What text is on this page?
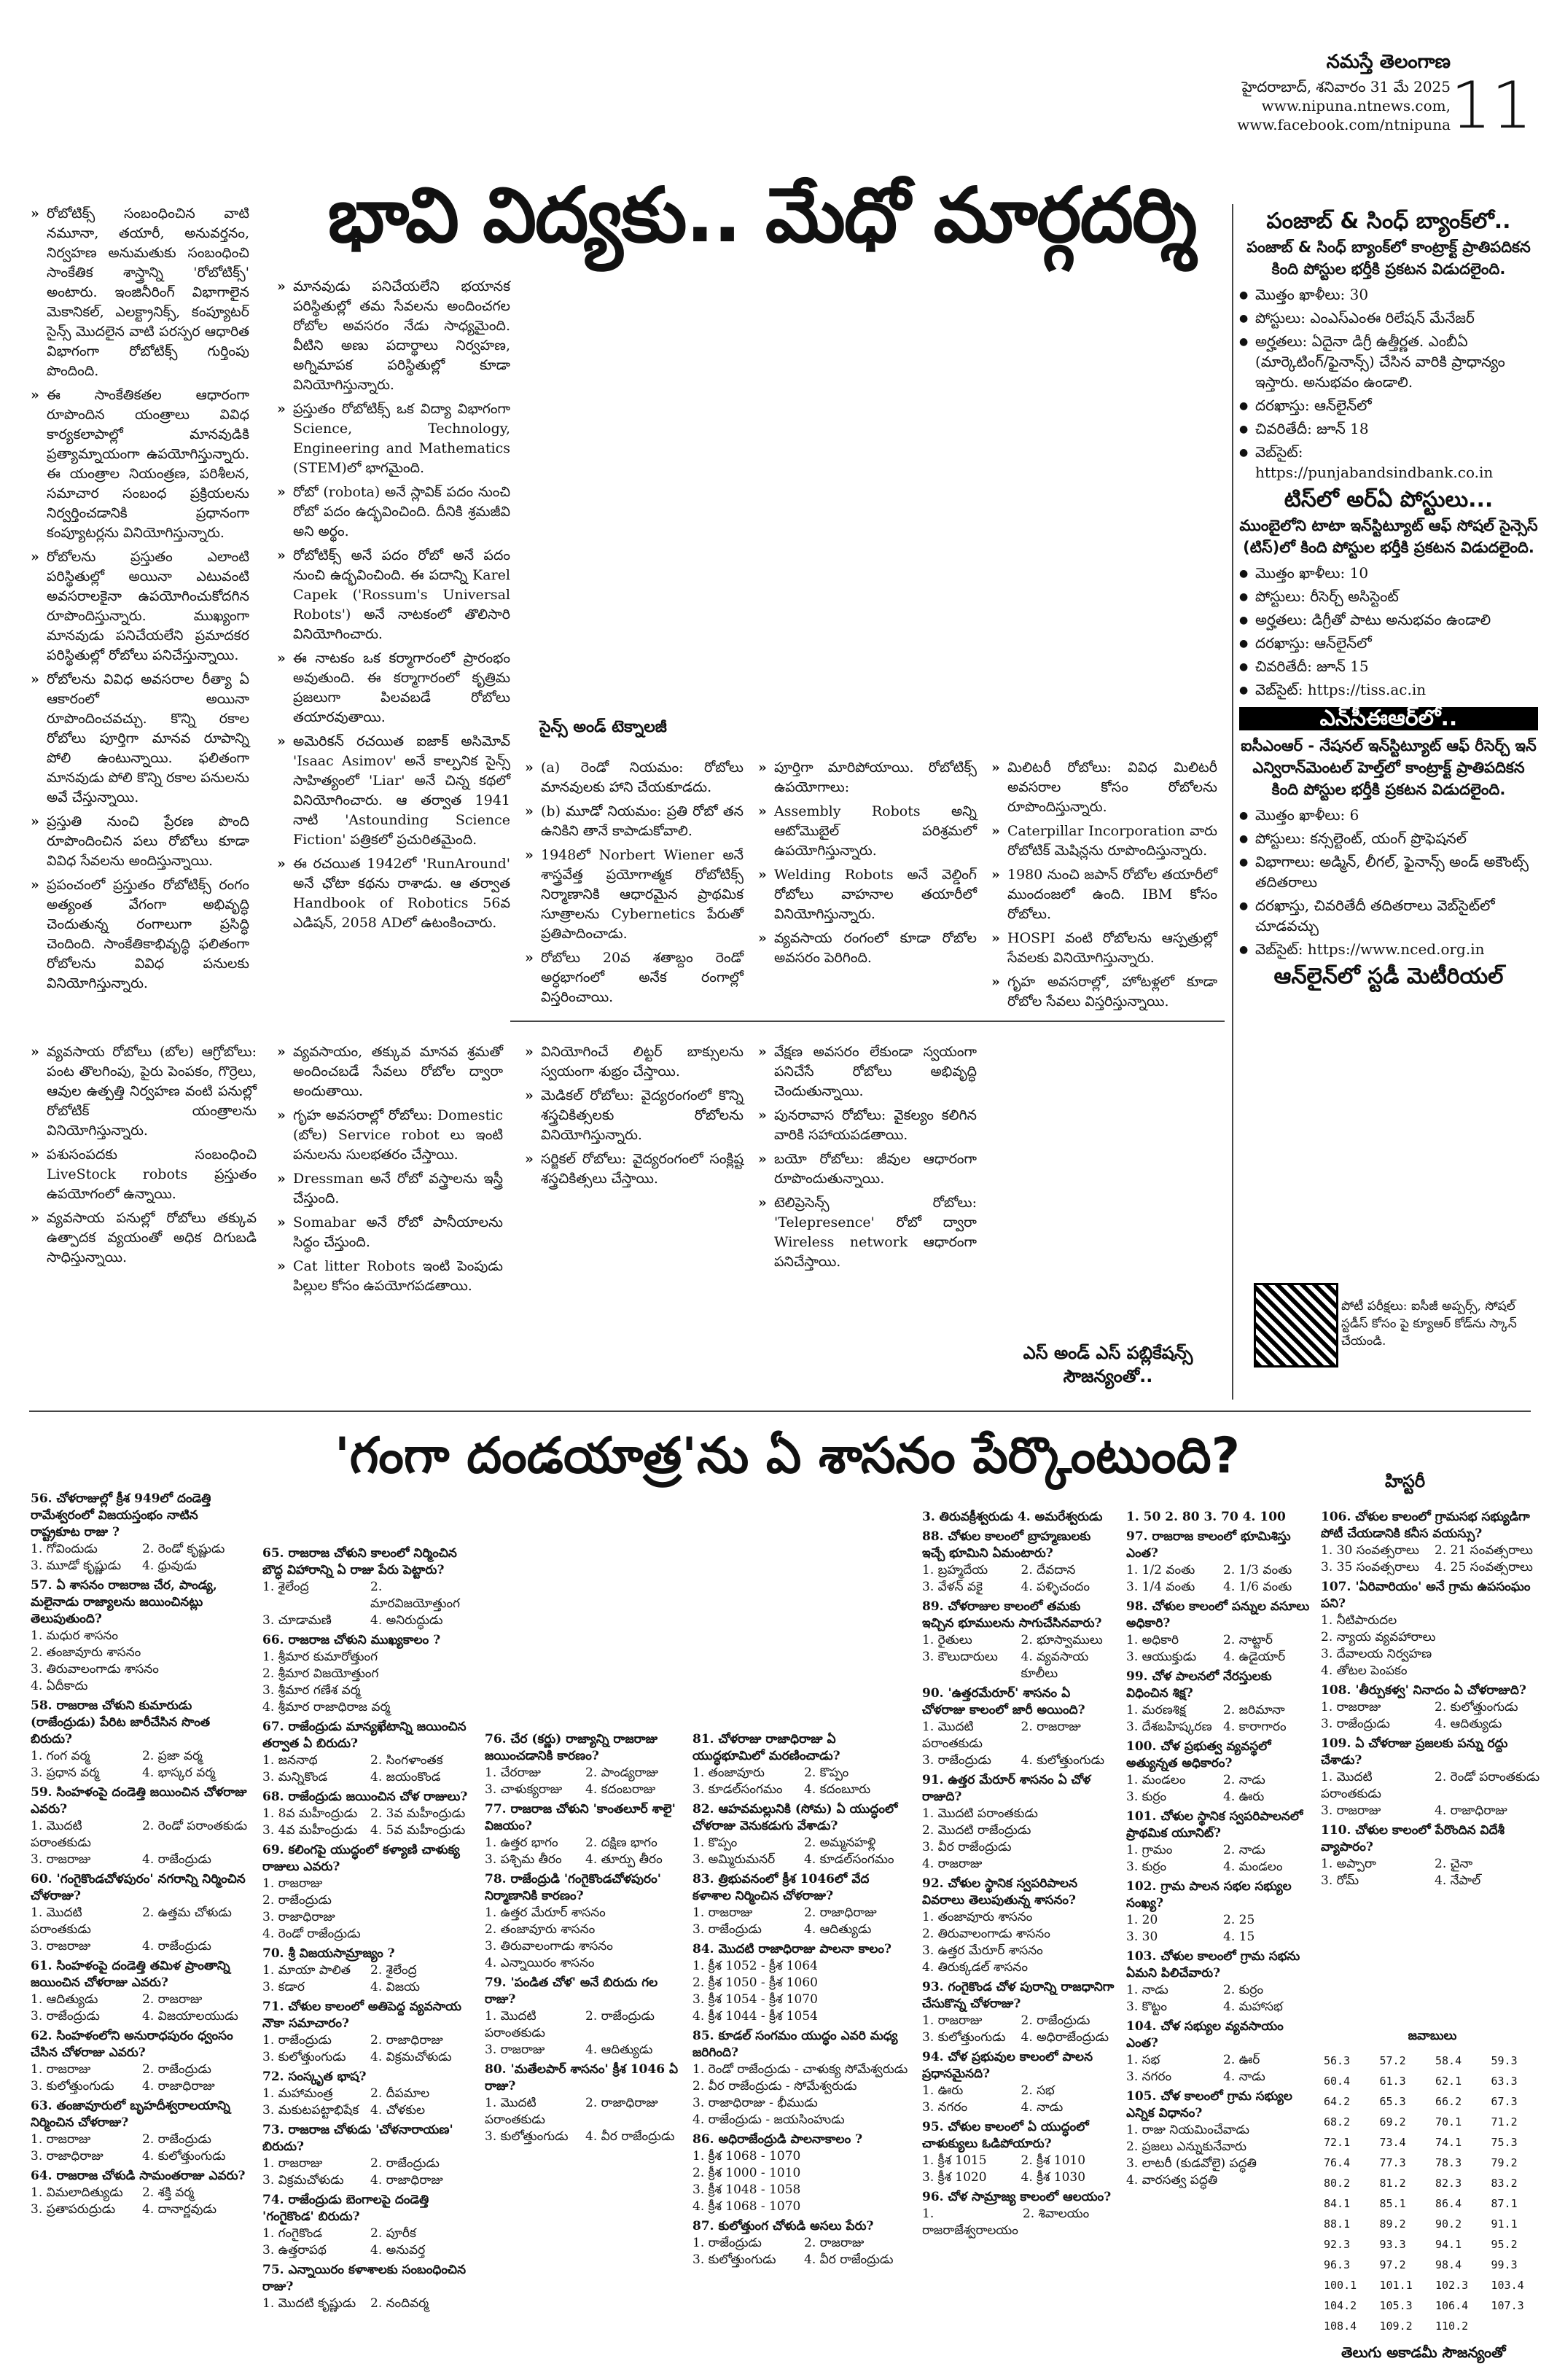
నమస్తే తెలంగాణ
హైదరాబాద్, శనివారం 31 మే 2025
www.nipuna.ntnews.com,
www.facebook.com/ntnipuna 11
భావి విద్యకు.. మేధో మార్గదర్శి

» రోబోటిక్స్ సంబంధించిన వాటి నమూనా, తయారీ, అనువర్తనం, నిర్వహణ అనుమతుకు సంబంధించి సాంకేతిక శాస్త్రాన్ని 'రోబోటిక్స్' అంటారు. ఇంజినీరింగ్ విభాగాలైన మెకానికల్, ఎలక్ట్రానిక్స్, కంప్యూటర్ సైన్స్ మొదలైన వాటి పరస్పర ఆధారిత విభాగంగా రోబోటిక్స్ గుర్తింపు పొందింది.

» ఈ సాంకేతికతల ఆధారంగా రూపొందిన యంత్రాలు వివిధ కార్యకలాపాల్లో మానవుడికి ప్రత్యామ్నాయంగా ఉపయోగిస్తున్నారు. ఈ యంత్రాల నియంత్రణ, పరిశీలన, సమాచార సంబంధ ప్రక్రియలను నిర్వర్తించడానికి ప్రధానంగా కంప్యూటర్లను వినియోగిస్తున్నారు.

» రోబోలను ప్రస్తుతం ఎలాంటి పరిస్థితుల్లో అయినా ఎటువంటి అవసరాలకైనా ఉపయోగించుకోదగిన రూపొందిస్తున్నారు. ముఖ్యంగా మానవుడు పనిచేయలేని ప్రమాదకర పరిస్థితుల్లో రోబోలు పనిచేస్తున్నాయి.

» రోబోలను వివిధ అవసరాల రీత్యా ఏ ఆకారంలో అయినా రూపొందించవచ్చు. కొన్ని రకాల రోబోలు పూర్తిగా మానవ రూపాన్ని పోలి ఉంటున్నాయి. ఫలితంగా మానవుడు పోలి కొన్ని రకాల పనులను అవే చేస్తున్నాయి.

» ప్రస్తుతి నుంచి ప్రేరణ పొంది రూపొందించిన పలు రోబోలు కూడా వివిధ సేవలను అందిస్తున్నాయి.

» ప్రపంచంలో ప్రస్తుతం రోబోటిక్స్ రంగం అత్యంత వేగంగా అభివృద్ధి చెందుతున్న రంగాలుగా ప్రసిద్ధి చెందింది. సాంకేతికాభివృద్ధి ఫలితంగా రోబోలను వివిధ పనులకు వినియోగిస్తున్నారు.

» మానవుడు పనిచేయలేని భయానక పరిస్థితుల్లో తమ సేవలను అందించగల రోబోల అవసరం నేడు సాధ్యమైంది. వీటిని అణు పదార్థాలు నిర్వహణ, అగ్నిమాపక పరిస్థితుల్లో కూడా వినియోగిస్తున్నారు.

» ప్రస్తుతం రోబోటిక్స్ ఒక విద్యా విభాగంగా Science, Technology, Engineering and Mathematics (STEM)లో భాగమైంది.

» రోబో (robota) అనే స్లావిక్ పదం నుంచి రోబో పదం ఉద్భవించింది. దీనికి శ్రమజీవి అని అర్థం.

» రోబోటిక్స్ అనే పదం రోబో అనే పదం నుంచి ఉద్భవించింది. ఈ పదాన్ని Karel Capek ('Rossum's Universal Robots') అనే నాటకంలో తొలిసారి వినియోగించారు.

» ఈ నాటకం ఒక కర్మాగారంలో ప్రారంభం అవుతుంది. ఈ కర్మాగారంలో కృత్రిమ ప్రజలుగా పిలవబడే రోబోలు తయారవుతాయి.

» అమెరికన్ రచయిత ఐజాక్ అసిమోవ్ 'Isaac Asimov' అనే కాల్పనిక సైన్స్ సాహిత్యంలో 'Liar' అనే చిన్న కథలో వినియోగించారు. ఆ తర్వాత 1941 నాటి 'Astounding Science Fiction' పత్రికలో ప్రచురితమైంది.

» ఈ రచయిత 1942లో 'RunAround' అనే ఛోటా కథను రాశాడు. ఆ తర్వాత Handbook of Robotics 56వ ఎడిషన్, 2058 ADలో ఉటంకించారు.

సైన్స్ అండ్ టెక్నాలజీ

» (a) రెండో నియమం: రోబోలు మానవులకు హాని చేయకూడదు.

» (b) మూడో నియమం: ప్రతి రోబో తన ఉనికిని తానే కాపాడుకోవాలి.

» 1948లో Norbert Wiener అనే శాస్త్రవేత్త ప్రయోగాత్మక రోబోటిక్స్ నిర్మాణానికి ఆధారమైన ప్రాథమిక సూత్రాలను Cybernetics పేరుతో ప్రతిపాదించాడు.

» రోబోలు 20వ శతాబ్దం రెండో అర్ధభాగంలో అనేక రంగాల్లో విస్తరించాయి.

» పూర్తిగా మారిపోయాయి. రోబోటిక్స్ ఉపయోగాలు:

» Assembly Robots అన్ని ఆటోమొబైల్ పరిశ్రమలో ఉపయోగిస్తున్నారు.

» Welding Robots అనే వెల్డింగ్ రోబోలు వాహనాల తయారీలో వినియోగిస్తున్నారు.

» వ్యవసాయ రంగంలో కూడా రోబోల అవసరం పెరిగింది.

» మిలిటరీ రోబోలు: వివిధ మిలిటరీ అవసరాల కోసం రోబోలను రూపొందిస్తున్నారు.

» Caterpillar Incorporation వారు రోబోటిక్ మెషిన్లను రూపొందిస్తున్నారు.

» 1980 నుంచి జపాన్ రోబోల తయారీలో ముందంజలో ఉంది. IBM కోసం రోబోలు.

» HOSPI వంటి రోబోలను ఆస్పత్రుల్లో సేవలకు వినియోగిస్తున్నారు.

» గృహ అవసరాల్లో, హోటళ్లలో కూడా రోబోల సేవలు విస్తరిస్తున్నాయి.

» వ్యవసాయ రోబోలు (బోల) ఆగ్రోబోలు: పంట తొలగింపు, పైరు పెంపకం, గొర్రెలు, ఆవుల ఉత్పత్తి నిర్వహణ వంటి పనుల్లో రోబోటిక్ యంత్రాలను వినియోగిస్తున్నారు.

» పశుసంపదకు సంబంధించి LiveStock robots ప్రస్తుతం ఉపయోగంలో ఉన్నాయి.

» వ్యవసాయ పనుల్లో రోబోలు తక్కువ ఉత్పాదక వ్యయంతో అధిక దిగుబడి సాధిస్తున్నాయి.

» వ్యవసాయం, తక్కువ మానవ శ్రమతో అందించబడే సేవలు రోబోల ద్వారా అందుతాయి.

» గృహ అవసరాల్లో రోబోలు: Domestic (బోల) Service robot లు ఇంటి పనులను సులభతరం చేస్తాయి.

» Dressman అనే రోబో వస్త్రాలను ఇస్త్రీ చేస్తుంది.

» Somabar అనే రోబో పానీయాలను సిద్ధం చేస్తుంది.

» Cat litter Robots ఇంటి పెంపుడు పిల్లుల కోసం ఉపయోగపడతాయి.

» వినియోగించే లిట్టర్ బాక్సులను స్వయంగా శుభ్రం చేస్తాయి.

» మెడికల్ రోబోలు: వైద్యరంగంలో కొన్ని శస్త్రచికిత్సలకు రోబోలను వినియోగిస్తున్నారు.

» సర్జికల్ రోబోలు: వైద్యరంగంలో సంక్లిష్ట శస్త్రచికిత్సలు చేస్తాయి.

» వేక్షణ అవసరం లేకుండా స్వయంగా పనిచేసే రోబోలు అభివృద్ధి చెందుతున్నాయి.

» పునరావాస రోబోలు: వైకల్యం కలిగిన వారికి సహాయపడతాయి.

» బయో రోబోలు: జీవుల ఆధారంగా రూపొందుతున్నాయి.

» టెలిప్రెసెన్స్ రోబోలు: 'Telepresence' రోబో ద్వారా Wireless network ఆధారంగా పనిచేస్తాయి.

ఎస్ అండ్ ఎస్ పబ్లికేషన్స్ సౌజన్యంతో..
పంజాబ్ & సింధ్ బ్యాంక్‌లో..
పంజాబ్ & సింధ్ బ్యాంక్‌లో కాంట్రాక్ట్ ప్రాతిపదికన కింది పోస్టుల భర్తీకి ప్రకటన విడుదలైంది.
● మొత్తం ఖాళీలు: 30
● పోస్టులు: ఎంఎస్ఎంఈ రిలేషన్ మేనేజర్
● అర్హతలు: ఏదైనా డిగ్రీ ఉత్తీర్ణత. ఎంబీఏ (మార్కెటింగ్/ఫైనాన్స్) చేసిన వారికి ప్రాధాన్యం ఇస్తారు. అనుభవం ఉండాలి.
● దరఖాస్తు: ఆన్‌లైన్‌లో
● చివరితేదీ: జూన్ 18
● వెబ్‌సైట్: https://punjabandsindbank.co.in
టిస్‌లో అర్‌ఏ పోస్టులు...
ముంబైలోని టాటా ఇన్‌స్టిట్యూట్ ఆఫ్ సోషల్ సైన్సెస్ (టిస్)లో కింది పోస్టుల భర్తీకి ప్రకటన విడుదలైంది.
● మొత్తం ఖాళీలు: 10
● పోస్టులు: రీసెర్చ్ అసిస్టెంట్
● అర్హతలు: డిగ్రీతో పాటు అనుభవం ఉండాలి
● దరఖాస్తు: ఆన్‌లైన్‌లో
● చివరితేదీ: జూన్ 15
● వెబ్‌సైట్: https://tiss.ac.in
ఎన్‌సీఈఆర్‌లో..
ఐసీఎంఆర్ - నేషనల్ ఇన్‌స్టిట్యూట్ ఆఫ్ రీసెర్చ్ ఇన్ ఎన్విరాన్‌మెంటల్ హెల్త్‌లో కాంట్రాక్ట్ ప్రాతిపదికన కింది పోస్టుల భర్తీకి ప్రకటన విడుదలైంది.
● మొత్తం ఖాళీలు: 6
● పోస్టులు: కన్సల్టెంట్, యంగ్ ప్రొఫెషనల్
● విభాగాలు: అడ్మిన్, లీగల్, ఫైనాన్స్ అండ్ అకౌంట్స్ తదితరాలు
● దరఖాస్తు, చివరితేదీ తదితరాలు వెబ్‌సైట్‌లో చూడవచ్చు
● వెబ్‌సైట్: https://www.nced.org.in
ఆన్‌లైన్‌లో స్టడీ మెటీరియల్
పోటీ పరీక్షలు: ఐసీజీ అప్పర్స్, సోషల్ స్టడీస్ కోసం పై క్యూఆర్ కోడ్‌ను స్కాన్ చేయండి.
'గంగా దండయాత్ర'ను ఏ శాసనం పేర్కొంటుంది?	హిస్టరీ
56. చోళరాజుల్లో క్రీశ 949లో దండెత్తి రామేశ్వరంలో విజయస్తంభం నాటిన రాష్ట్రకూట రాజు ?
1. గోవిందుడు	2. రెండో కృష్ణుడు
3. మూడో కృష్ణుడు	4. ధ్రువుడు
57. ఏ శాసనం రాజరాజ చేర, పాండ్య, మలైనాడు రాజ్యాలను జయించినట్లు తెలుపుతుంది?
1. మధుర శాసనం
2. తంజావూరు శాసనం
3. తిరువాలంగాడు శాసనం
4. ఏదీకాదు
58. రాజరాజ చోళుని కుమారుడు (రాజేంద్రుడు) పేరిట జారీచేసిన సొంత బిరుదు?
1. గంగ వర్మ	2. ప్రజా వర్మ
3. ప్రధాన వర్మ	4. భాస్కర వర్మ
59. సింహళంపై దండెత్తి జయించిన చోళరాజు ఎవరు?
1. మొదటి పరాంతకుడు
2. రెండో పరాంతకుడు
3. రాజరాజు	4. రాజేంద్రుడు
60. 'గంగైకొండచోళపురం' నగరాన్ని నిర్మించిన చోళరాజు?
1. మొదటి పరాంతకుడు
2. ఉత్తమ చోళుడు
3. రాజరాజు	4. రాజేంద్రుడు
61. సింహళంపై దండెత్తి తమిళ ప్రాంతాన్ని జయించిన చోళరాజు ఎవరు?
1. ఆదిత్యుడు	2. రాజరాజు
3. రాజేంద్రుడు	4. విజయాలయుడు
62. సింహళంలోని అనురాధపురం ధ్వంసం చేసిన చోళరాజు ఎవరు?
1. రాజరాజు	2. రాజేంద్రుడు
3. కులోత్తుంగుడు	4. రాజాధిరాజు
63. తంజావూరులో బృహదీశ్వరాలయాన్ని నిర్మించిన చోళరాజు?
1. రాజరాజు	2. రాజేంద్రుడు
3. రాజాధిరాజు	4. కులోత్తుంగుడు
64. రాజరాజ చోళుడి సామంతరాజు ఎవరు?
1. విమలాదిత్యుడు	2. శక్తి వర్మ
3. ప్రతాపరుద్రుడు	4. దానార్ణవుడు
65. రాజరాజ చోళుని కాలంలో నిర్మించిన బౌద్ధ విహారాన్ని ఏ రాజు పేరు పెట్టారు?
1. శైలేంద్ర	2. మారవిజయోత్తుంగ
3. చూడామణి	4. అనిరుద్ధుడు
66. రాజరాజ చోళుని ముఖ్యకాలం ?
1. శ్రీమార కుమారోత్తుంగ
2. శ్రీమార విజయోత్తుంగ
3. శ్రీమార గణేశ వర్మ
4. శ్రీమార రాజాధిరాజ వర్మ
67. రాజేంద్రుడు మాన్యఖేటాన్ని జయించిన తర్వాత ఏ బిరుదు?
1. జననాథ	2. సింగళాంతక
3. మన్నికొండ	4. జయంకొండ
68. రాజేంద్రుడు జయించిన చోళ రాజులు?
1. 8వ మహీంద్రుడు	2. 3వ మహీంద్రుడు
3. 4వ మహీంద్రుడు	4. 5వ మహీంద్రుడు
69. కలింగపై యుద్ధంలో కళ్యాణి చాళుక్య రాజులు ఎవరు?
1. రాజరాజు
2. రాజేంద్రుడు
3. రాజాధిరాజు
4. రెండో రాజేంద్రుడు
70. శ్రీ విజయసామ్రాజ్యం ?
1. మాయా పాలిత	2. శైలేంద్ర
3. కడార	4. విజయ
71. చోళుల కాలంలో అతిపెద్ద వ్యవసాయ నౌకా సమాచారం?
1. రాజేంద్రుడు	2. రాజాధిరాజు
3. కులోత్తుంగుడు	4. విక్రమచోళుడు
72. సంస్కృత భాష?
1. మహామంత్ర	2. దీపమాల
3. మకుటపట్టాభిషేక 4. చోళకుల
73. రాజరాజ చోళుడు 'చోళనారాయణ' బిరుదు?
1. రాజరాజు	2. రాజేంద్రుడు
3. విక్రమచోళుడు	4. రాజాధిరాజు
74. రాజేంద్రుడు బెంగాలపై దండెత్తి 'గంగైకొండ' బిరుదు?
1. గంగైకొండ	2. పూరీక
3. ఉత్తరాపథ	4. అనువర్త
75. ఎన్నాయిరం కళాశాలకు సంబంధించిన రాజు?
1. మొదటి కృష్ణుడు	2. నందివర్మ
76. చేర (కర్ణు) రాజ్యాన్ని రాజరాజు జయించడానికి కారణం?
1. చేరరాజు	2. పాండ్యరాజు
3. చాళుక్యరాజు	4. కదంబరాజు
77. రాజరాజ చోళుని 'కాంతలూర్ శాలై' విజయం?
1. ఉత్తర భాగం	2. దక్షిణ భాగం
3. పశ్చిమ తీరం	4. తూర్పు తీరం
78. రాజేంద్రుడి 'గంగైకొండచోళపురం' నిర్మాణానికి కారణం?
1. ఉత్తర మేరూర్ శాసనం
2. తంజావూరు శాసనం
3. తిరువాలంగాడు శాసనం
4. ఎన్నాయిరం శాసనం
79. 'పండిత చోళ' అనే బిరుదు గల రాజు?
1. మొదటి పరాంతకుడు
2. రాజేంద్రుడు
3. రాజరాజు	4. ఆదిత్యుడు
80. 'మతేలపార్ శాసనం' క్రీశ 1046 ఏ రాజు?
1. మొదటి పరాంతకుడు
2. రాజాధిరాజు
3. కులోత్తుంగుడు	4. వీర రాజేంద్రుడు
81. చోళరాజు రాజాధిరాజు ఏ యుద్ధభూమిలో మరణించాడు?
1. తంజావూరు	2. కొప్పం
3. కూడల్‌సంగమం	4. కదంబూరు
82. ఆహవమల్లునికి (సోమ) ఏ యుద్ధంలో చోళరాజు వెనుకడుగు వేశాడు?
1. కొప్పం	2. అమ్మనహళ్లి
3. అమ్మిరుమనర్	4. కూడల్‌సంగమం
83. త్రిభువనంలో క్రీశ 1046లో వేద కళాశాల నిర్మించిన చోళరాజు?
1. రాజరాజు	2. రాజాధిరాజు
3. రాజేంద్రుడు	4. ఆదిత్యుడు
84. మొదటి రాజాధిరాజు పాలనా కాలం?
1. క్రీశ 1052 - క్రీశ 1064
2. క్రీశ 1050 - క్రీశ 1060
3. క్రీశ 1054 - క్రీశ 1070
4. క్రీశ 1044 - క్రీశ 1054
85. కూడల్ సంగమం యుద్ధం ఎవరి మధ్య జరిగింది?
1. రెండో రాజేంద్రుడు - చాళుక్య సోమేశ్వరుడు
2. వీర రాజేంద్రుడు - సోమేశ్వరుడు
3. రాజాధిరాజు - భీముడు
4. రాజేంద్రుడు - జయసింహుడు
86. అధిరాజేంద్రుడి పాలనాకాలం ?
1. క్రీశ 1068 - 1070
2. క్రీశ 1000 - 1010
3. క్రీశ 1048 - 1058
4. క్రీశ 1068 - 1070
87. కులోత్తుంగ చోళుడి అసలు పేరు?
1. రాజేంద్రుడు	2. రాజరాజు
3. కులోత్తుంగుడు	4. వీర రాజేంద్రుడు
3. తిరువక్రీశ్వరుడు 4. అమరేశ్వరుడు
88. చోళుల కాలంలో బ్రాహ్మణులకు ఇచ్చే భూమిని ఏమంటారు?
1. బ్రహ్మదేయ	2. దేవదాన
3. వేళన్ వకై	4. పళ్ళిచందం
89. చోళరాజుల కాలంలో తమకు ఇచ్చిన భూములను సాగుచేసినవారు?
1. రైతులు	2. భూస్వాములు
3. కౌలుదారులు	4. వ్యవసాయ కూలీలు
90. 'ఉత్తరమేరూర్' శాసనం ఏ చోళరాజు కాలంలో జారీ అయింది?
1. మొదటి పరాంతకుడు
2. రాజరాజు
3. రాజేంద్రుడు	4. కులోత్తుంగుడు
91. ఉత్తర మేరూర్ శాసనం ఏ చోళ రాజుది?
1. మొదటి పరాంతకుడు
2. మొదటి రాజేంద్రుడు
3. వీర రాజేంద్రుడు
4. రాజరాజు
92. చోళుల స్థానిక స్వపరిపాలన వివరాలు తెలుపుతున్న శాసనం?
1. తంజావూరు శాసనం
2. తిరువాలంగాడు శాసనం
3. ఉత్తర మేరూర్ శాసనం
4. తిరుక్కడల్ శాసనం
93. గంగైకొండ చోళ పురాన్ని రాజధానిగా చేసుకొన్న చోళరాజు?
1. రాజరాజు	2. రాజేంద్రుడు
3. కులోత్తుంగుడు	4. అధిరాజేంద్రుడు
94. చోళ ప్రభువుల కాలంలో పాలన ప్రధానమైనది?
1. ఊరు	2. సభ
3. నగరం	4. నాడు
95. చోళుల కాలంలో ఏ యుద్ధంలో చాళుక్యులు ఓడిపోయారు?
1. క్రీశ 1015	2. క్రీశ 1010
3. క్రీశ 1020	4. క్రీశ 1030
96. చోళ సామ్రాజ్య కాలంలో ఆలయం?
1. రాజరాజేశ్వరాలయం
2. శివాలయం
1. 50 2. 80 3. 70 4. 100
97. రాజరాజ కాలంలో భూమిశిస్తు ఎంత?
1. 1/2 వంతు	2. 1/3 వంతు
3. 1/4 వంతు	4. 1/6 వంతు
98. చోళుల కాలంలో పన్నుల వసూలు అధికారి?
1. అధికారి	2. నాట్టార్
3. ఆయుక్తుడు	4. ఉడైయార్
99. చోళ పాలనలో నేరస్తులకు విధించిన శిక్ష?
1. మరణశిక్ష	2. జరిమానా
3. దేశబహిష్కరణ 4. కారాగారం
100. చోళ ప్రభుత్వ వ్యవస్థలో అత్యున్నత అధికారం?
1. మండలం	2. నాడు
3. కుర్రం	4. ఊరు
101. చోళుల స్థానిక స్వపరిపాలనలో ప్రాథమిక యూనిట్?
1. గ్రామం	2. నాడు
3. కుర్రం	4. మండలం
102. గ్రామ పాలన సభల సభ్యుల సంఖ్య?
1. 20	2. 25
3. 30	4. 15
103. చోళుల కాలంలో గ్రామ సభను ఏమని పిలిచేవారు?
1. నాడు	2. కుర్రం
3. కొట్టం	4. మహాసభ
104. చోళ సభ్యుల వ్యవసాయం ఎంత?
1. సభ	2. ఊర్
3. నగరం	4. నాడు
105. చోళ కాలంలో గ్రామ సభ్యుల ఎన్నిక విధానం?
1. రాజు నియమించేవాడు
2. ప్రజలు ఎన్నుకునేవారు
3. లాటరీ (కుడవోలై) పద్ధతి
4. వారసత్వ పద్ధతి
106. చోళుల కాలంలో గ్రామసభ సభ్యుడిగా పోటీ చేయడానికి కనీస వయస్సు?
1. 30 సంవత్సరాలు	2. 21 సంవత్సరాలు
3. 35 సంవత్సరాలు	4. 25 సంవత్సరాలు
107. 'ఏరివారియం' అనే గ్రామ ఉపసంఘం పని?
1. నీటిపారుదల
2. న్యాయ వ్యవహారాలు
3. దేవాలయ నిర్వహణ
4. తోటల పెంపకం
108. 'తీర్పుకళ్వ' నినాదం ఏ చోళరాజుది?
1. రాజరాజు	2. కులోత్తుంగుడు
3. రాజేంద్రుడు	4. ఆదిత్యుడు
109. ఏ చోళరాజు ప్రజలకు పన్ను రద్దు చేశాడు?
1. మొదటి పరాంతకుడు
2. రెండో పరాంతకుడు
3. రాజరాజు	4. రాజాధిరాజు
110. చోళుల కాలంలో పేరొందిన విదేశీ వ్యాపారం?
1. అప్పారా	2. చైనా
3. రోమ్	4. నేపాల్
జవాబులు
56.3	57.2	58.4	59.3
60.4	61.3	62.1	63.3
64.2	65.3	66.2	67.3
68.2	69.2	70.1	71.2
72.1	73.4	74.1	75.3
76.4	77.3	78.3	79.2
80.2	81.2	82.3	83.2
84.1	85.1	86.4	87.1
88.1	89.2	90.2	91.1
92.3	93.3	94.1	95.2
96.3	97.2	98.4	99.3
100.1	101.1	102.3	103.4
104.2	105.3	106.4	107.3
108.4	109.2	110.2	
తెలుగు అకాడమీ సౌజన్యంతో
